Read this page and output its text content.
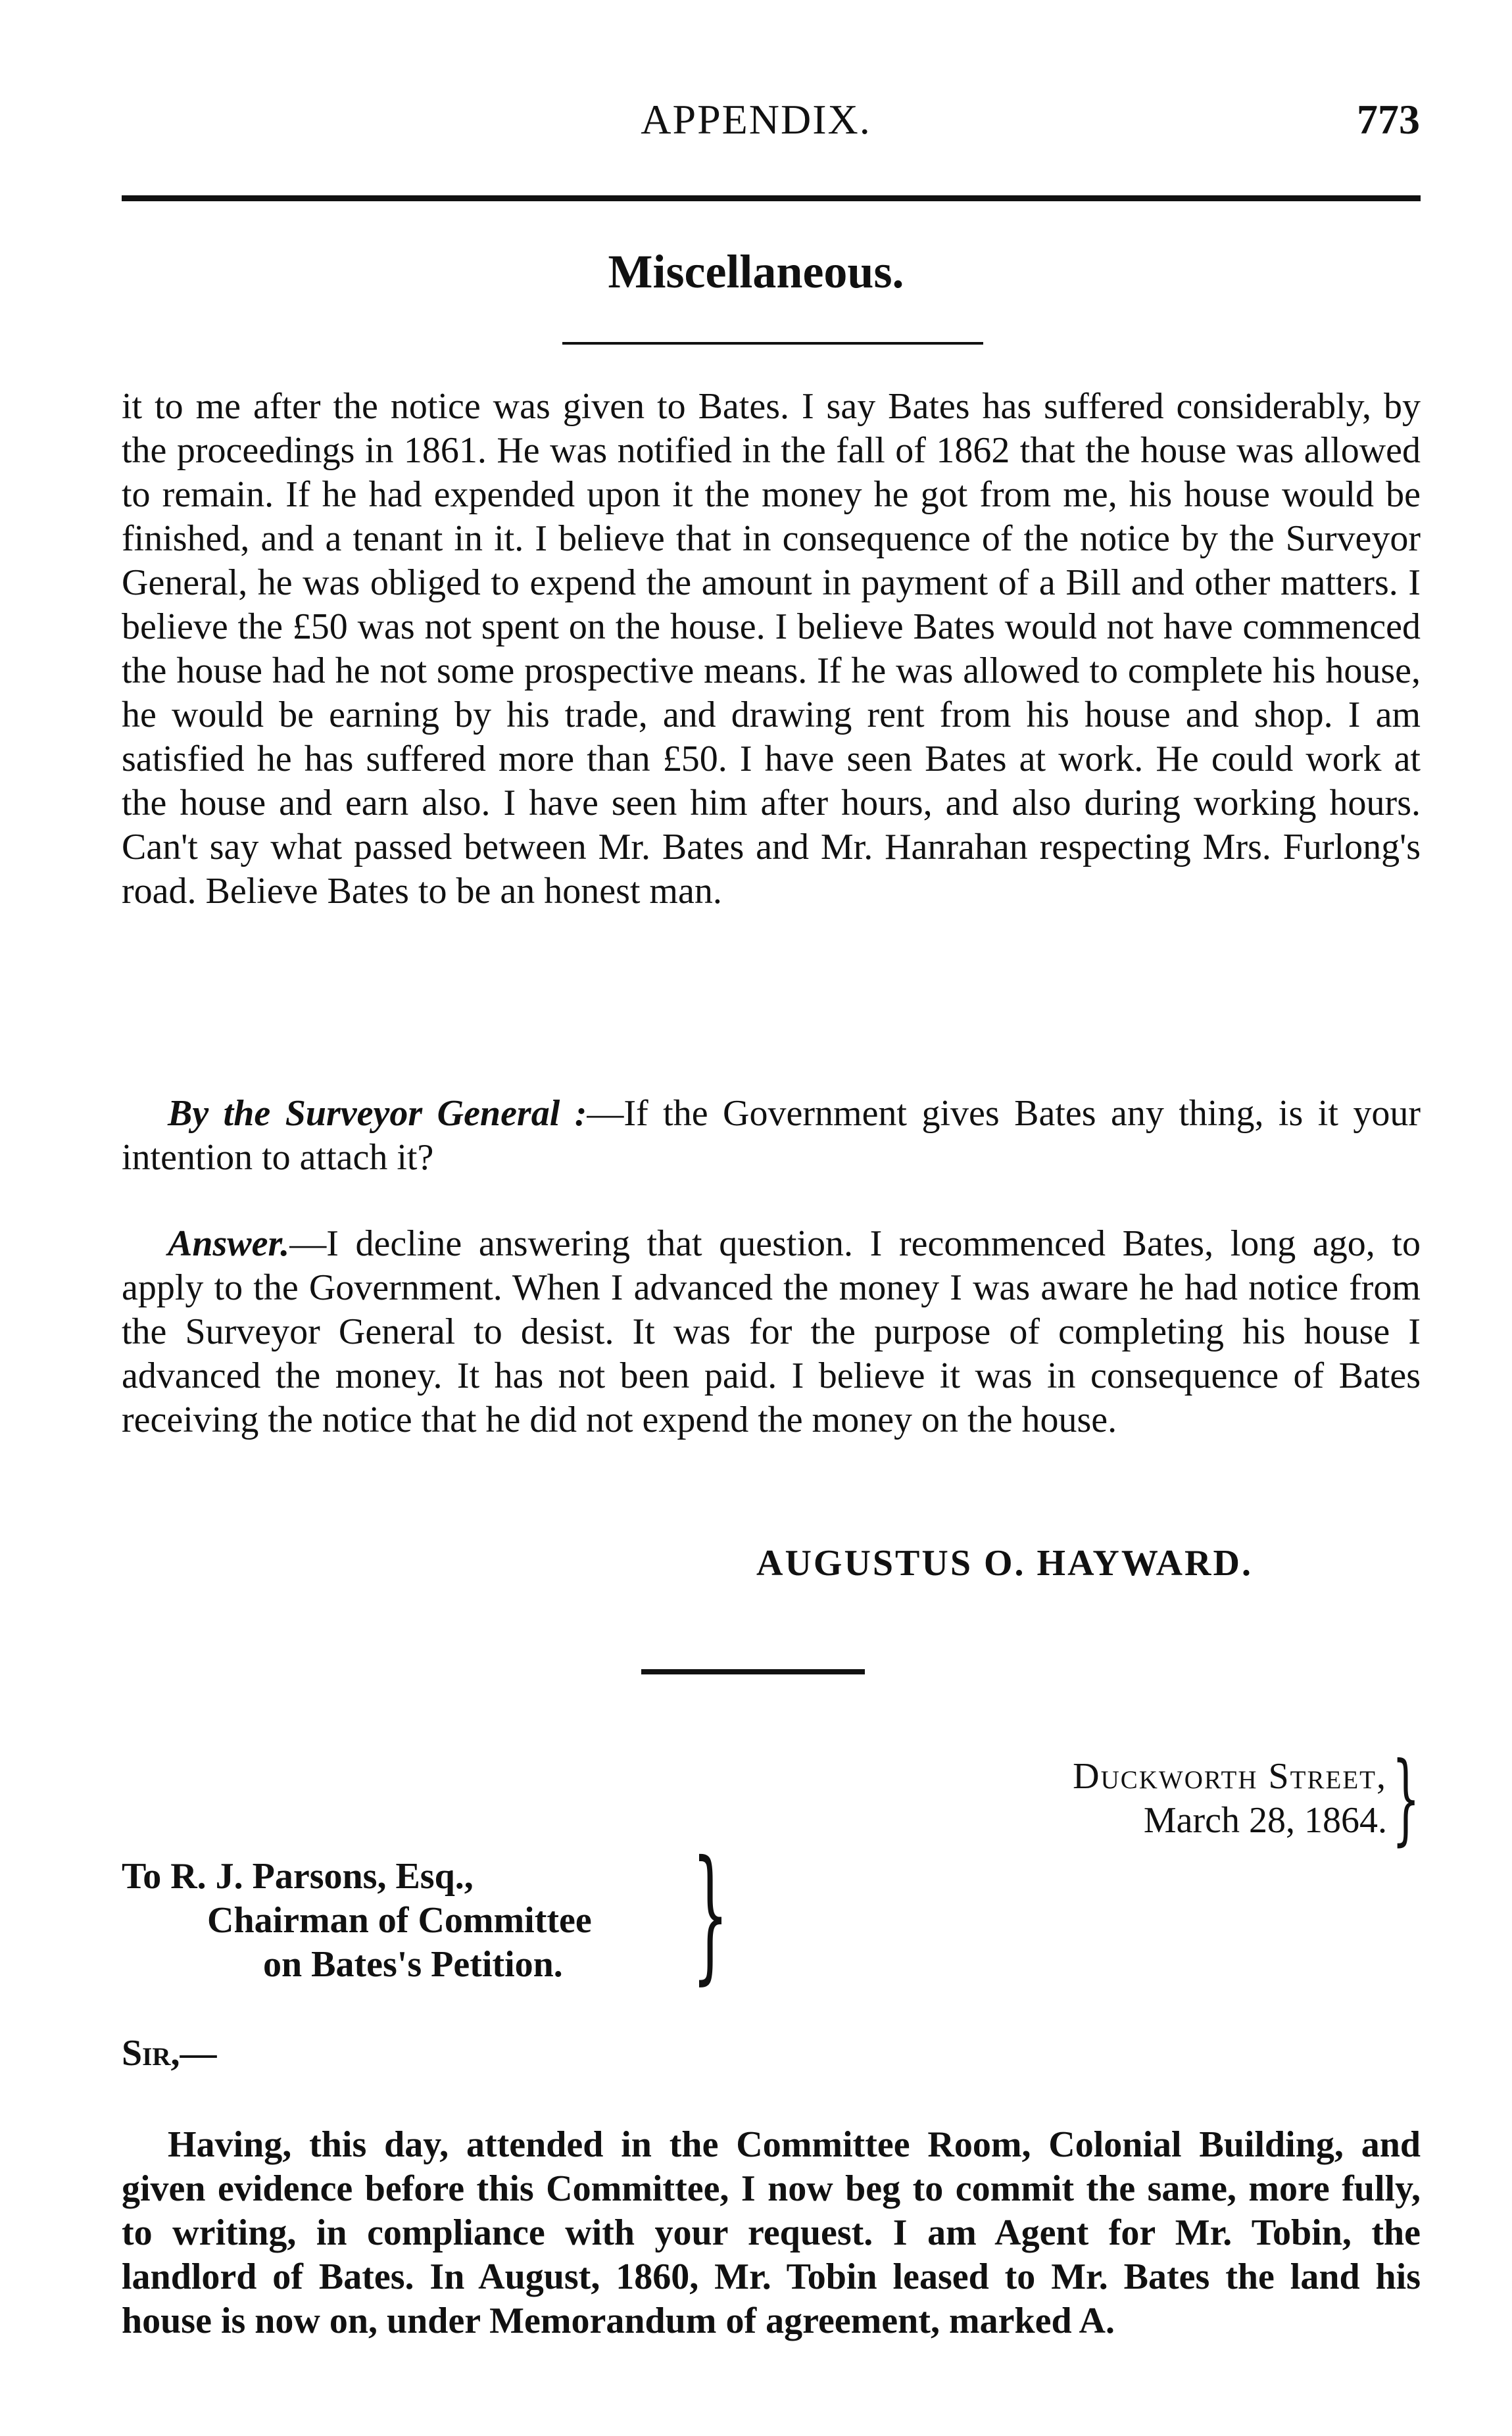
APPENDIX.	773
Miscellaneous.

it to me after the notice was given to Bates. I say Bates has suffered considerably, by the proceedings in 1861. He was notified in the fall of 1862 that the house was allowed to remain. If he had expended upon it the money he got from me, his house would be finished, and a tenant in it. I believe that in consequence of the notice by the Surveyor General, he was obliged to expend the amount in payment of a Bill and other matters. I believe the £50 was not spent on the house. I believe Bates would not have commenced the house had he not some prospective means. If he was allowed to complete his house, he would be earning by his trade, and drawing rent from his house and shop. I am satisfied he has suffered more than £50. I have seen Bates at work. He could work at the house and earn also. I have seen him after hours, and also during working hours. Can't say what passed between Mr. Bates and Mr. Hanrahan respecting Mrs. Furlong's road. Believe Bates to be an honest man.

By the Surveyor General :—If the Government gives Bates any thing, is it your intention to attach it?

Answer.—I decline answering that question. I recommenced Bates, long ago, to apply to the Government. When I advanced the money I was aware he had notice from the Surveyor General to desist. It was for the purpose of completing his house I advanced the money. It has not been paid. I believe it was in consequence of Bates receiving the notice that he did not expend the money on the house.

AUGUSTUS O. HAYWARD.
Duckworth Street,
March 28, 1864. }
To R. J. Parsons, Esq.,
Chairman of Committee
on Bates's Petition. }
Sir,—

Having, this day, attended in the Committee Room, Colonial Building, and given evidence before this Committee, I now beg to commit the same, more fully, to writing, in compliance with your request. I am Agent for Mr. Tobin, the landlord of Bates. In August, 1860, Mr. Tobin leased to Mr. Bates the land his house is now on, under Memorandum of agreement, marked A.
